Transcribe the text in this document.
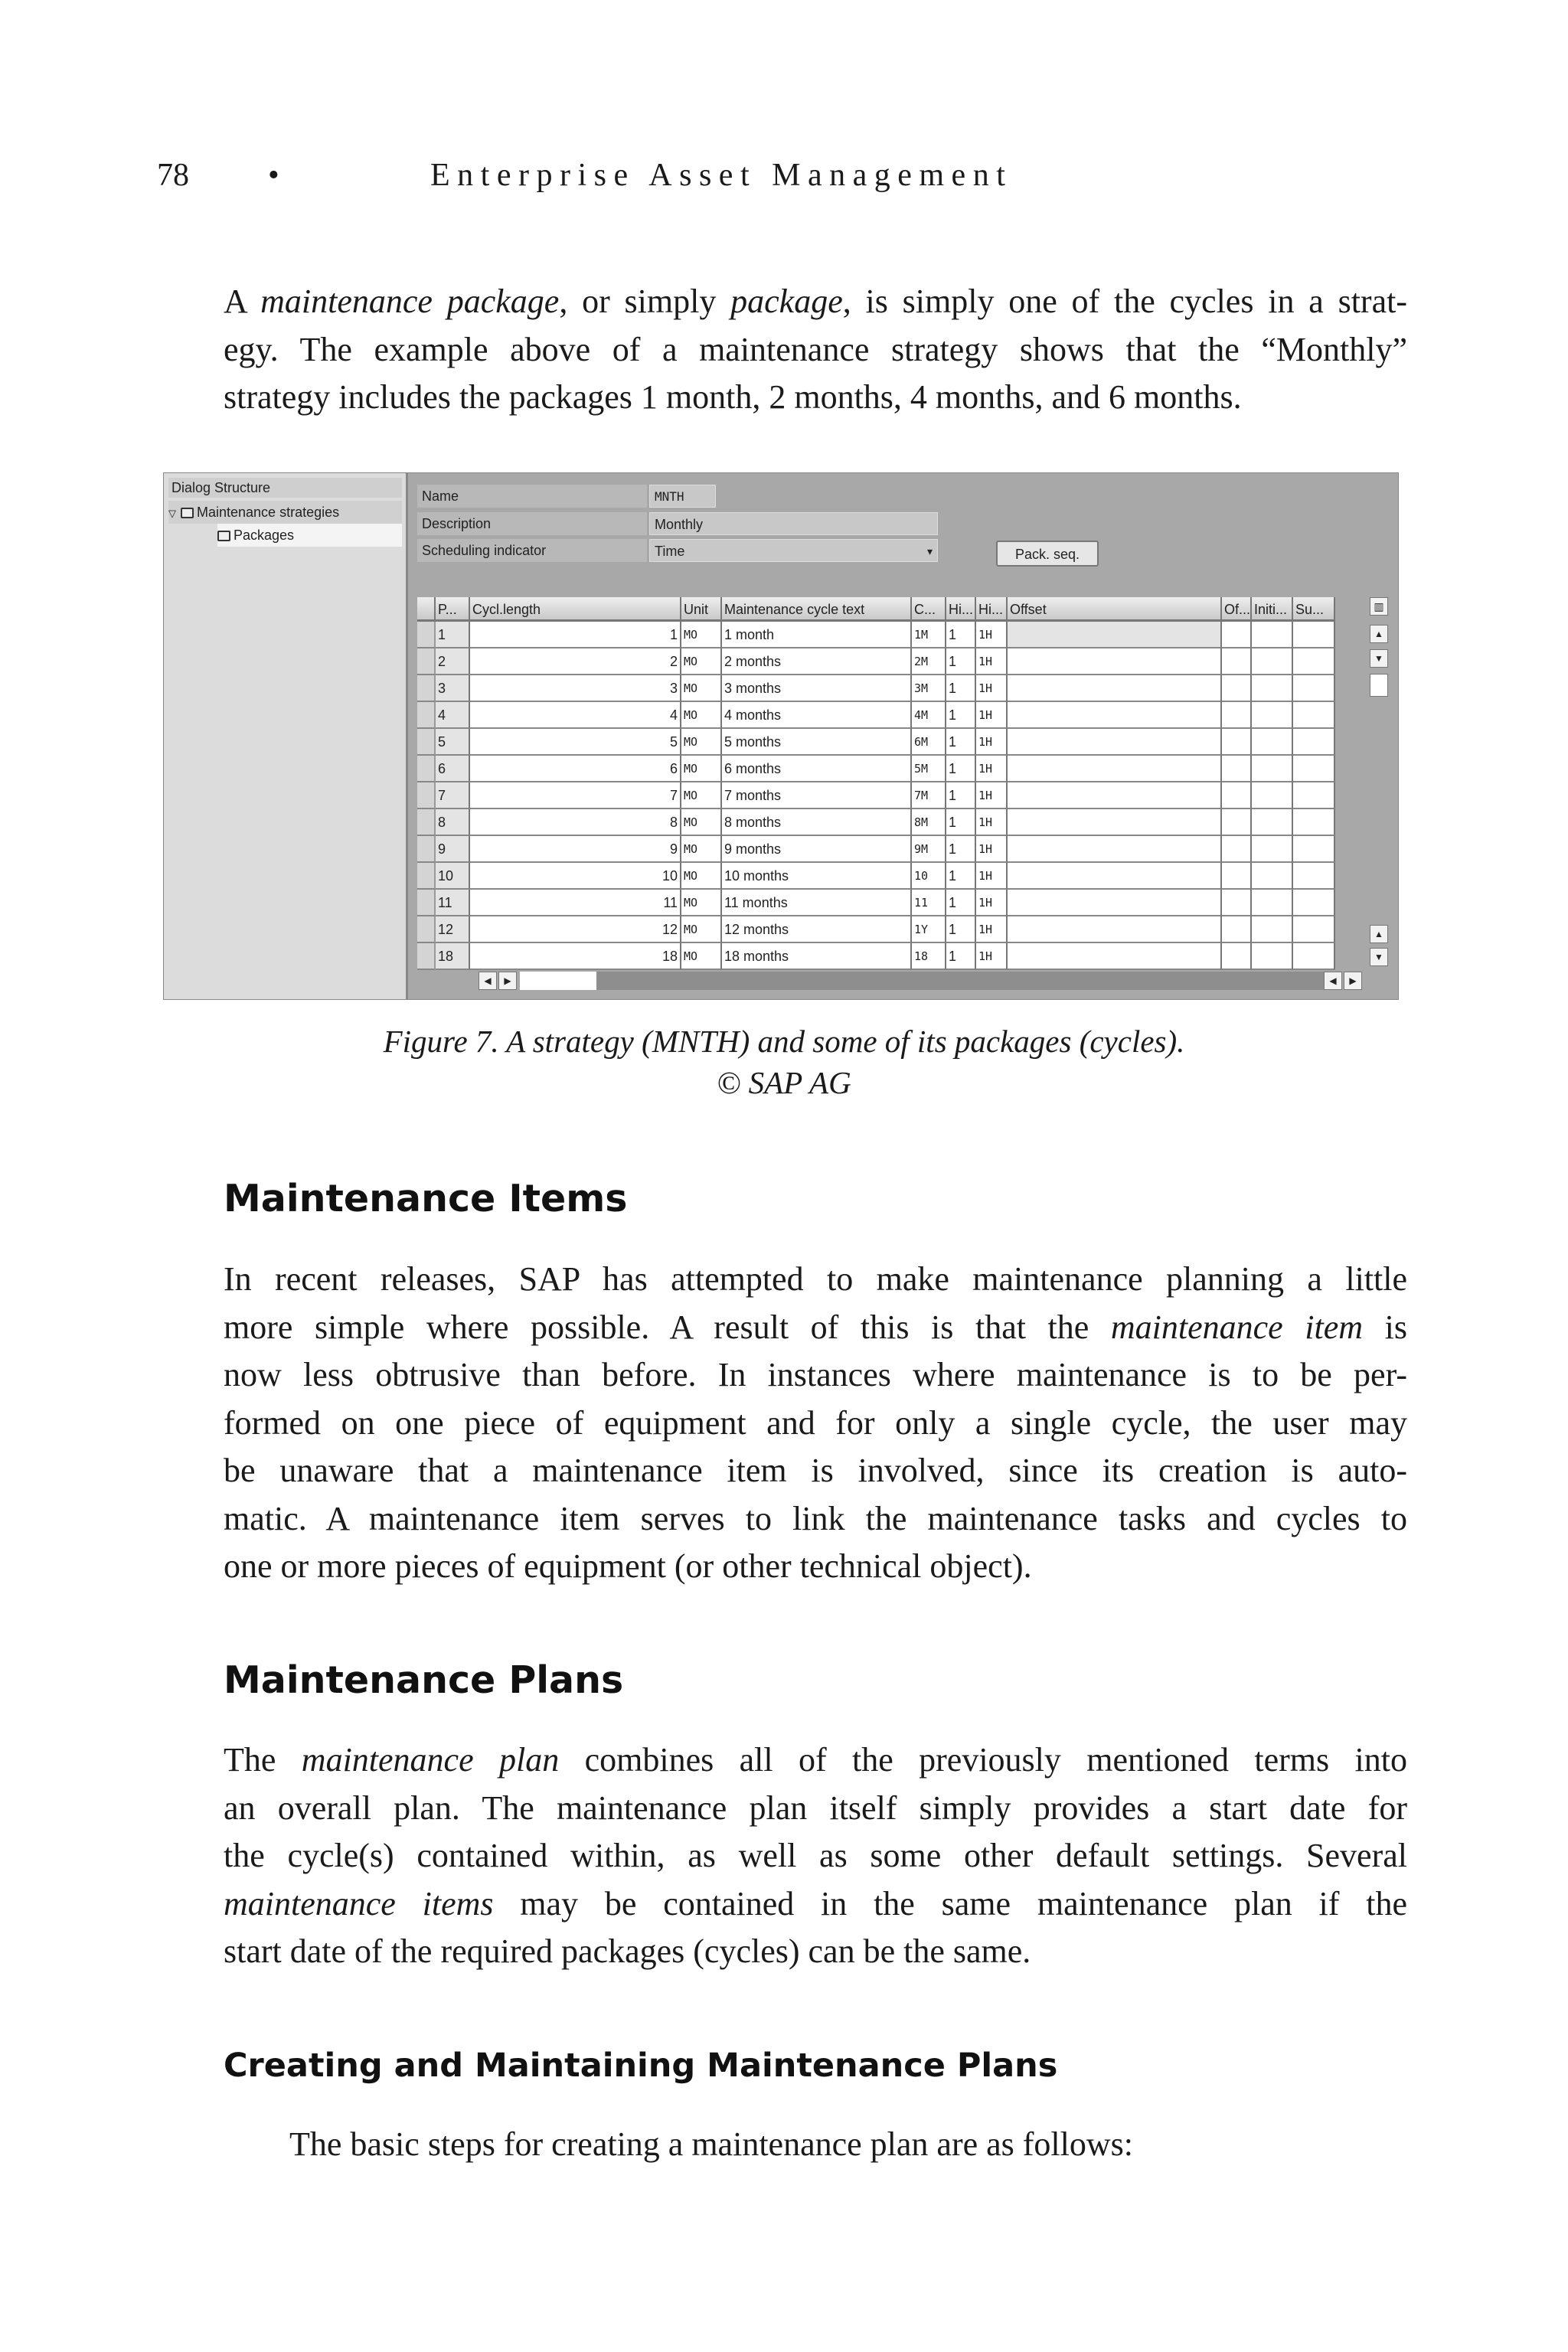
78 •	Enterprise Asset Management
A maintenance package, or simply package, is simply one of the cycles in a strat-
egy. The example above of a maintenance strategy shows that the “Monthly”
strategy includes the packages 1 month, 2 months, 4 months, and 6 months.
Dialog Structure
▽ Maintenance strategies
Packages
Name	MNTH
Description	Monthly
Scheduling indicator	Time	▾	Pack. seq.
P...	Cycl.length	Unit	Maintenance cycle text	C... Hi... Hi... Offset	Of... Initi... Su...
1	1 MO	1 month	1M	1	1H
2	2 MO	2 months	2M	1	1H
3	3 MO	3 months	3M	1	1H
4	4 MO	4 months	4M	1	1H
5	5 MO	5 months	6M	1	1H
6	6 MO	6 months	5M	1	1H
7	7 MO	7 months	7M	1	1H
8	8 MO	8 months	8M	1	1H
9	9 MO	9 months	9M	1	1H
10	10 MO	10 months	10	1	1H
11	11 MO	11 months	11	1	1H
12	12 MO	12 months	1Y	1	1H
18	18 MO	18 months	18	1	1H
▥
▲
▼
▲
▼
◀	▶	◀	▶
Figure 7. A strategy (MNTH) and some of its packages (cycles).
© SAP AG
Maintenance Items
In recent releases, SAP has attempted to make maintenance planning a little
more simple where possible. A result of this is that the maintenance item is
now less obtrusive than before. In instances where maintenance is to be per-
formed on one piece of equipment and for only a single cycle, the user may
be unaware that a maintenance item is involved, since its creation is auto-
matic. A maintenance item serves to link the maintenance tasks and cycles to
one or more pieces of equipment (or other technical object).
Maintenance Plans
The maintenance plan combines all of the previously mentioned terms into
an overall plan. The maintenance plan itself simply provides a start date for
the cycle(s) contained within, as well as some other default settings. Several
maintenance items may be contained in the same maintenance plan if the
start date of the required packages (cycles) can be the same.
Creating and Maintaining Maintenance Plans
The basic steps for creating a maintenance plan are as follows:
